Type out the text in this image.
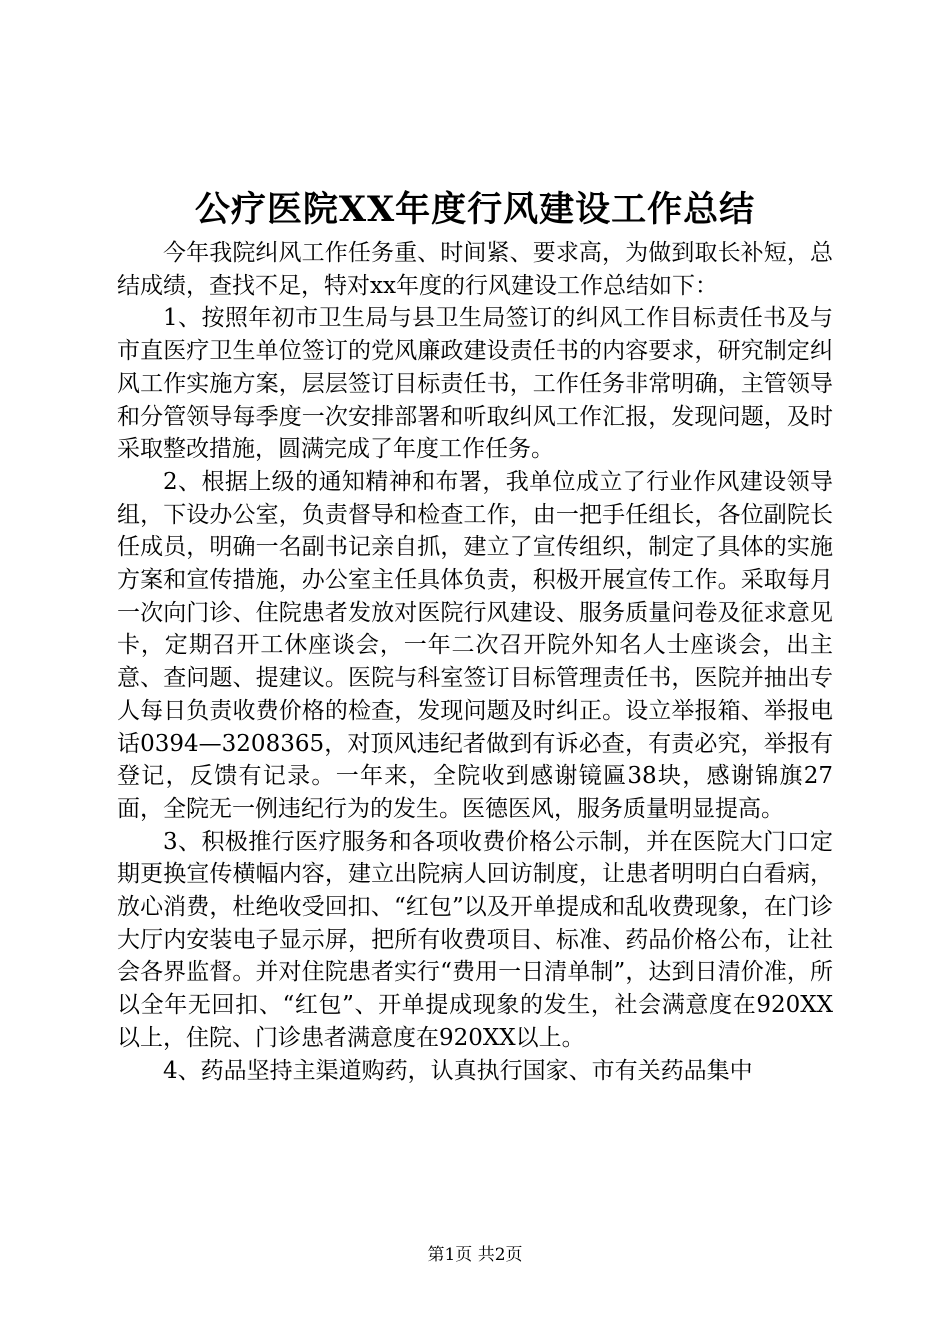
公疗医院XX年度行风建设工作总结

今年我院纠风工作任务重、时间紧、要求高，为做到取长补短，总结成绩，查找不足，特对xx年度的行风建设工作总结如下：

1、按照年初市卫生局与县卫生局签订的纠风工作目标责任书及与市直医疗卫生单位签订的党风廉政建设责任书的内容要求，研究制定纠风工作实施方案，层层签订目标责任书，工作任务非常明确，主管领导和分管领导每季度一次安排部署和听取纠风工作汇报，发现问题，及时采取整改措施，圆满完成了年度工作任务。

2、根据上级的通知精神和布署，我单位成立了行业作风建设领导组，下设办公室，负责督导和检查工作，由一把手任组长，各位副院长任成员，明确一名副书记亲自抓，建立了宣传组织，制定了具体的实施方案和宣传措施，办公室主任具体负责，积极开展宣传工作。采取每月一次向门诊、住院患者发放对医院行风建设、服务质量问卷及征求意见卡，定期召开工休座谈会，一年二次召开院外知名人士座谈会，出主意、查问题、提建议。医院与科室签订目标管理责任书，医院并抽出专人每日负责收费价格的检查，发现问题及时纠正。设立举报箱、举报电话0394—3208365，对顶风违纪者做到有诉必查，有责必究，举报有登记，反馈有记录。一年来，全院收到感谢镜匾38块，感谢锦旗27面，全院无一例违纪行为的发生。医德医风，服务质量明显提高。

3、积极推行医疗服务和各项收费价格公示制，并在医院大门口定期更换宣传横幅内容，建立出院病人回访制度，让患者明明白白看病，放心消费，杜绝收受回扣、“红包”以及开单提成和乱收费现象，在门诊大厅内安装电子显示屏，把所有收费项目、标准、药品价格公布，让社会各界监督。并对住院患者实行“费用一日清单制”，达到日清价准，所以全年无回扣、“红包”、开单提成现象的发生，社会满意度在920XX以上，住院、门诊患者满意度在920XX以上。

4、药品坚持主渠道购药，认真执行国家、市有关药品集中

第1页 共2页
